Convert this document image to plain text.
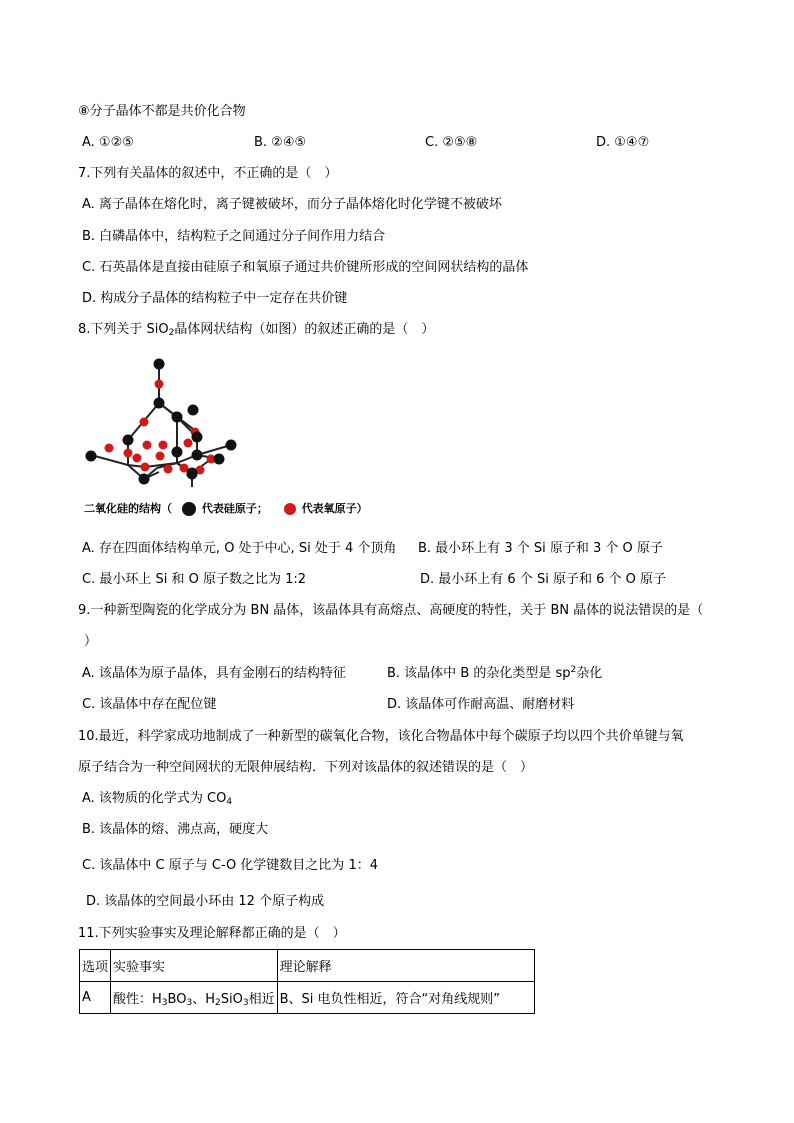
⑧分子晶体不都是共价化合物
A. ①②⑤	B. ②④⑤	C. ②⑤⑧	D. ①④⑦
7.下列有关晶体的叙述中，不正确的是（　）
A. 离子晶体在熔化时，离子键被破坏，而分子晶体熔化时化学键不被破坏
B. 白磷晶体中，结构粒子之间通过分子间作用力结合
C. 石英晶体是直接由硅原子和氧原子通过共价键所形成的空间网状结构的晶体
D. 构成分子晶体的结构粒子中一定存在共价键
8.下列关于 SiO$_2$晶体网状结构（如图）的叙述正确的是（　）
二氧化硅的结构（	代表硅原子；	代表氧原子）
A. 存在四面体结构单元, O 处于中心, Si 处于 4 个顶角 B. 最小环上有 3 个 Si 原子和 3 个 O 原子
C. 最小环上 Si 和 O 原子数之比为 1:2	D. 最小环上有 6 个 Si 原子和 6 个 O 原子
9.一种新型陶瓷的化学成分为 BN 晶体，该晶体具有高熔点、高硬度的特性，关于 BN 晶体的说法错误的是（
）
A. 该晶体为原子晶体，具有金刚石的结构特征	B. 该晶体中 B 的杂化类型是 $sp^2$杂化
C. 该晶体中存在配位键	D. 该晶体可作耐高温、耐磨材料
10.最近，科学家成功地制成了一种新型的碳氧化合物，该化合物晶体中每个碳原子均以四个共价单键与氧
原子结合为一种空间网状的无限伸展结构．下列对该晶体的叙述错误的是（　）
A. 该物质的化学式为 $CO_4$
B. 该晶体的熔、沸点高，硬度大
C. 该晶体中 C 原子与 C-O 化学键数目之比为 1：4
D. 该晶体的空间最小环由 12 个原子构成
11.下列实验事实及理论解释都正确的是（　）
选项	实验事实	理论解释
A	酸性：$H_3BO_3$、$H_2SiO_3$相近	B、Si 电负性相近，符合“对角线规则”
